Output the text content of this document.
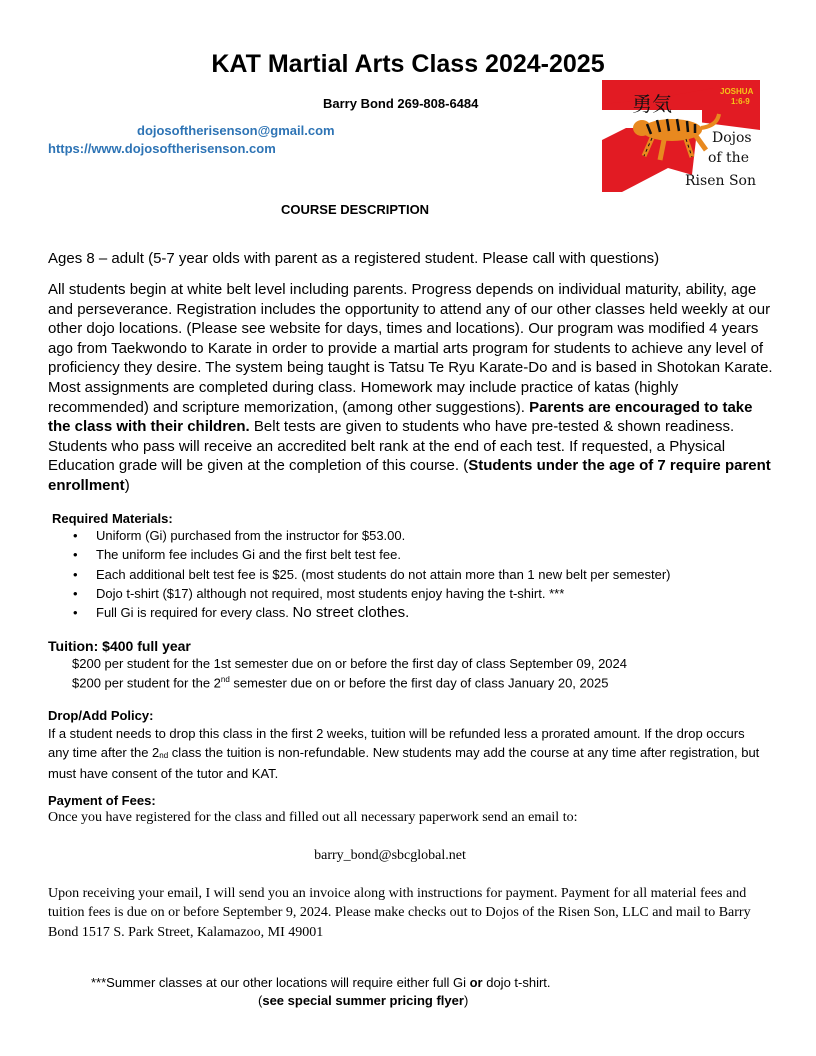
KAT Martial Arts Class 2024-2025
Barry Bond 269-808-6484
dojosoftherisenson@gmail.com
https://www.dojosoftherisenson.com
勇気
JOSHUA
1:6-9
Dojos
of the
Risen Son
COURSE DESCRIPTION
Ages 8 – adult (5-7 year olds with parent as a registered student. Please call with questions)
All students begin at white belt level including parents. Progress depends on individual maturity, ability, age and perseverance. Registration includes the opportunity to attend any of our other classes held weekly at our other dojo locations. (Please see website for days, times and locations). Our program was modified 4 years ago from Taekwondo to Karate in order to provide a martial arts program for students to achieve any level of proficiency they desire. The system being taught is Tatsu Te Ryu Karate-Do and is based in Shotokan Karate. Most assignments are completed during class. Homework may include practice of katas (highly recommended) and scripture memorization, (among other suggestions). Parents are encouraged to take the class with their children. Belt tests are given to students who have pre-tested & shown readiness. Students who pass will receive an accredited belt rank at the end of each test. If requested, a Physical Education grade will be given at the completion of this course. (Students under the age of 7 require parent enrollment)
Required Materials:
• Uniform (Gi) purchased from the instructor for $53.00.
• The uniform fee includes Gi and the first belt test fee.
• Each additional belt test fee is $25. (most students do not attain more than 1 new belt per semester)
• Dojo t-shirt ($17) although not required, most students enjoy having the t-shirt. ***
• Full Gi is required for every class. No street clothes.
Tuition: $400 full year
$200 per student for the 1st semester due on or before the first day of class September 09, 2024
$200 per student for the 2nd semester due on or before the first day of class January 20, 2025
Drop/Add Policy:
If a student needs to drop this class in the first 2 weeks, tuition will be refunded less a prorated amount. If the drop occurs any time after the $2_{nd}$ class the tuition is non-refundable. New students may add the course at any time after registration, but must have consent of the tutor and KAT.
Payment of Fees:
Once you have registered for the class and filled out all necessary paperwork send an email to:
barry_bond@sbcglobal.net
Upon receiving your email, I will send you an invoice along with instructions for payment. Payment for all material fees and tuition fees is due on or before September 9, 2024. Please make checks out to Dojos of the Risen Son, LLC and mail to Barry Bond 1517 S. Park Street, Kalamazoo, MI 49001
***Summer classes at our other locations will require either full Gi or dojo t-shirt.
(see special summer pricing flyer)
